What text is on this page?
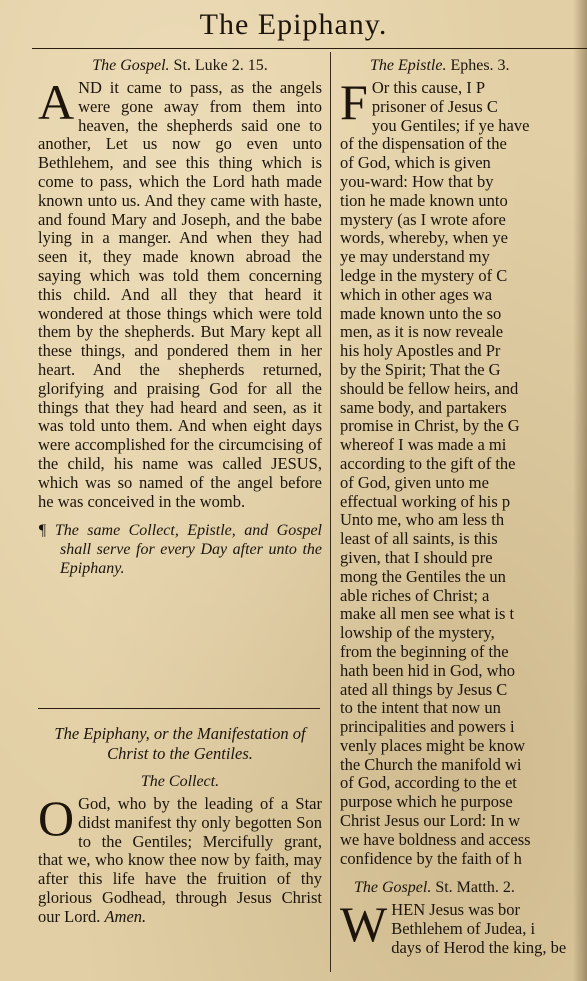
The Epiphany.
The Gospel. St. Luke 2. 15.
A ND it came to pass, as the angels were gone away from them into heaven, the shepherds said one to another, Let us now go even unto Bethlehem, and see this thing which is come to pass, which the Lord hath made known unto us. And they came with haste, and found Mary and Joseph, and the babe lying in a manger. And when they had seen it, they made known abroad the saying which was told them concerning this child. And all they that heard it wondered at those things which were told them by the shepherds. But Mary kept all these things, and pondered them in her heart. And the shepherds returned, glorifying and praising God for all the things that they had heard and seen, as it was told unto them. And when eight days were accomplished for the circumcising of the child, his name was called JESUS, which was so named of the angel before he was conceived in the womb.
¶ The same Collect, Epistle, and Gospel shall serve for every Day after unto the Epiphany.
The Epiphany, or the Manifestation of Christ to the Gentiles.
The Collect.
O God, who by the leading of a Star didst manifest thy only begotten Son to the Gentiles; Mercifully grant, that we, who know thee now by faith, may after this life have the fruition of thy glorious Godhead, through Jesus Christ our Lord. Amen.
The Epistle. Ephes. 3.
F Or this cause, I P
prisoner of Jesus C
you Gentiles; if ye have
of the dispensation of the
of God, which is given
you-ward: How that by
tion he made known unto
mystery (as I wrote afore
words, whereby, when ye
ye may understand my
ledge in the mystery of C
which in other ages wa
made known unto the so
men, as it is now reveale
his holy Apostles and Pr
by the Spirit; That the G
should be fellow heirs, and
same body, and partakers
promise in Christ, by the G
whereof I was made a mi
according to the gift of the
of God, given unto me
effectual working of his p
Unto me, who am less th
least of all saints, is this
given, that I should pre
mong the Gentiles the un
able riches of Christ; a
make all men see what is t
lowship of the mystery,
from the beginning of the
hath been hid in God, who
ated all things by Jesus C
to the intent that now un
principalities and powers i
venly places might be know
the Church the manifold wi
of God, according to the et
purpose which he purpose
Christ Jesus our Lord: In w
we have boldness and access
confidence by the faith of h
The Gospel. St. Matth. 2.
W HEN Jesus was bor
Bethlehem of Judea, i
days of Herod the king, be
